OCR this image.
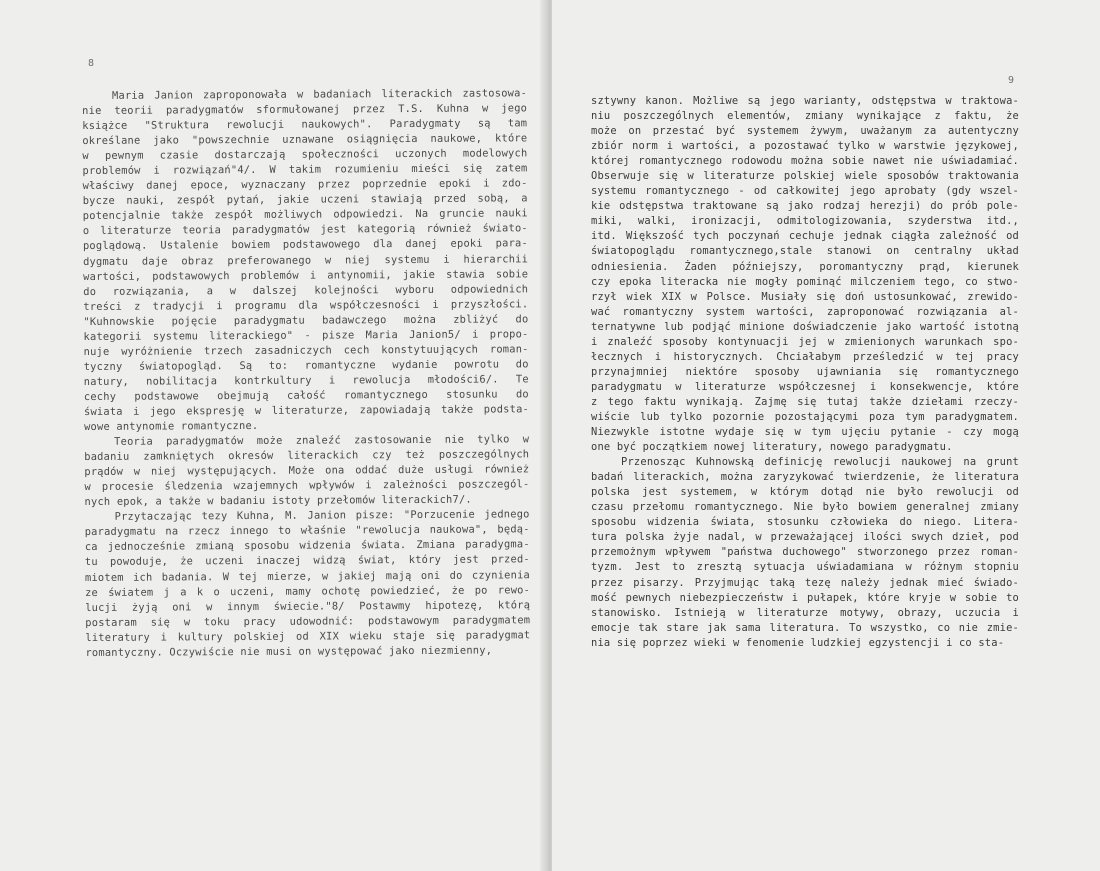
8
Maria Janion zaproponowała w badaniach literackich zastosowa-
nie teorii paradygmatów sformułowanej przez T.S. Kuhna w jego
książce "Struktura rewolucji naukowych". Paradygmaty są tam
określane jako "powszechnie uznawane osiągnięcia naukowe, które
w pewnym czasie dostarczają społeczności uczonych modelowych
problemów i rozwiązań"4/. W takim rozumieniu mieści się zatem
właściwy danej epoce, wyznaczany przez poprzednie epoki i zdo-
bycze nauki, zespół pytań, jakie uczeni stawiają przed sobą, a
potencjalnie także zespół możliwych odpowiedzi. Na gruncie nauki
o literaturze teoria paradygmatów jest kategorią również świato-
poglądową. Ustalenie bowiem podstawowego dla danej epoki para-
dygmatu daje obraz preferowanego w niej systemu i hierarchii
wartości, podstawowych problemów i antynomii, jakie stawia sobie
do rozwiązania, a w dalszej kolejności wyboru odpowiednich
treści z tradycji i programu dla współczesności i przyszłości.
"Kuhnowskie pojęcie paradygmatu badawczego można zbliżyć do
kategorii systemu literackiego" - pisze Maria Janion5/ i propo-
nuje wyróżnienie trzech zasadniczych cech konstytuujących roman-
tyczny światopogląd. Są to: romantyczne wydanie powrotu do
natury, nobilitacja kontrkultury i rewolucja młodości6/. Te
cechy podstawowe obejmują całość romantycznego stosunku do
świata i jego ekspresję w literaturze, zapowiadają także podsta-
wowe antynomie romantyczne.
Teoria paradygmatów może znaleźć zastosowanie nie tylko w
badaniu zamkniętych okresów literackich czy też poszczególnych
prądów w niej występujących. Może ona oddać duże usługi również
w procesie śledzenia wzajemnych wpływów i zależności poszczegól-
nych epok, a także w badaniu istoty przełomów literackich7/.
Przytaczając tezy Kuhna, M. Janion pisze: "Porzucenie jednego
paradygmatu na rzecz innego to właśnie "rewolucja naukowa", będą-
ca jednocześnie zmianą sposobu widzenia świata. Zmiana paradygma-
tu powoduje, że uczeni inaczej widzą świat, który jest przed-
miotem ich badania. W tej mierze, w jakiej mają oni do czynienia
ze światem j a k o uczeni, mamy ochotę powiedzieć, że po rewo-
lucji żyją oni w innym świecie."8/ Postawmy hipotezę, którą
postaram się w toku pracy udowodnić: podstawowym paradygmatem
literatury i kultury polskiej od XIX wieku staje się paradygmat
romantyczny. Oczywiście nie musi on występować jako niezmienny,
9
sztywny kanon. Możliwe są jego warianty, odstępstwa w traktowa-
niu poszczególnych elementów, zmiany wynikające z faktu, że
może on przestać być systemem żywym, uważanym za autentyczny
zbiór norm i wartości, a pozostawać tylko w warstwie językowej,
której romantycznego rodowodu można sobie nawet nie uświadamiać.
Obserwuje się w literaturze polskiej wiele sposobów traktowania
systemu romantycznego - od całkowitej jego aprobaty (gdy wszel-
kie odstępstwa traktowane są jako rodzaj herezji) do prób pole-
miki, walki, ironizacji, odmitologizowania, szyderstwa itd.,
itd. Większość tych poczynań cechuje jednak ciągła zależność od
światopoglądu romantycznego,stale stanowi on centralny układ
odniesienia. Żaden późniejszy, poromantyczny prąd, kierunek
czy epoka literacka nie mogły pominąć milczeniem tego, co stwo-
rzył wiek XIX w Polsce. Musiały się doń ustosunkować, zrewido-
wać romantyczny system wartości, zaproponować rozwiązania al-
ternatywne lub podjąć minione doświadczenie jako wartość istotną
i znaleźć sposoby kontynuacji jej w zmienionych warunkach spo-
łecznych i historycznych. Chciałabym prześledzić w tej pracy
przynajmniej niektóre sposoby ujawniania się romantycznego
paradygmatu w literaturze współczesnej i konsekwencje, które
z tego faktu wynikają. Zajmę się tutaj także dziełami rzeczy-
wiście lub tylko pozornie pozostającymi poza tym paradygmatem.
Niezwykle istotne wydaje się w tym ujęciu pytanie - czy mogą
one być początkiem nowej literatury, nowego paradygmatu.
Przenosząc Kuhnowską definicję rewolucji naukowej na grunt
badań literackich, można zaryzykować twierdzenie, że literatura
polska jest systemem, w którym dotąd nie było rewolucji od
czasu przełomu romantycznego. Nie było bowiem generalnej zmiany
sposobu widzenia świata, stosunku człowieka do niego. Litera-
tura polska żyje nadal, w przeważającej ilości swych dzieł, pod
przemożnym wpływem "państwa duchowego" stworzonego przez roman-
tyzm. Jest to zresztą sytuacja uświadamiana w różnym stopniu
przez pisarzy. Przyjmując taką tezę należy jednak mieć świado-
mość pewnych niebezpieczeństw i pułapek, które kryje w sobie to
stanowisko. Istnieją w literaturze motywy, obrazy, uczucia i
emocje tak stare jak sama literatura. To wszystko, co nie zmie-
nia się poprzez wieki w fenomenie ludzkiej egzystencji i co sta-
